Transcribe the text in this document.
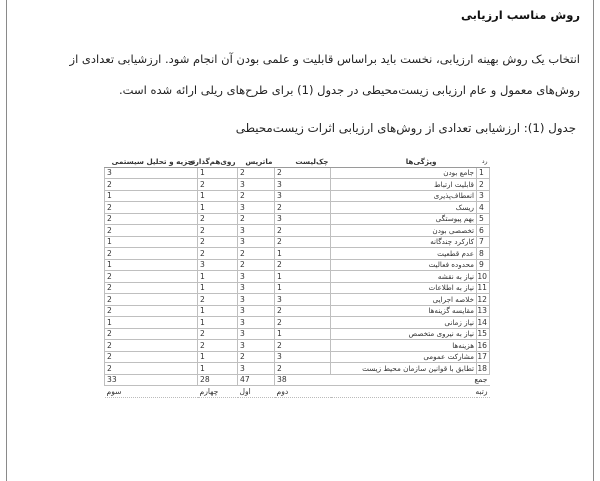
روش مناسب ارزیابی
انتخاب یک روش بهینه ارزیابی، نخست باید براساس قابلیت و علمی بودن آن انجام شود. ارزشیابی تعدادی از
روش‌های معمول و عام ارزیابی زیست‌محیطی در جدول (1) برای طرح‌های ریلی ارائه شده است.
جدول (1): ارزشیابی تعدادی از روش‌های ارزیابی اثرات زیست‌محیطی
رد	ویژگی‌ها	چک‌لیست	ماتریس	روی‌هم‌گذاری	تجزیه و تحلیل سیستمی
1	جامع بودن	2	2	1	3
2	قابلیت ارتباط	3	3	2	2
3	انعطاف‌پذیری	3	2	1	1
4	ریسک	2	3	1	2
5	بهم پیوستگی	3	2	2	2
6	تخصصی بودن	2	3	2	2
7	کارکرد چندگانه	2	3	2	1
8	عدم قطعیت	1	2	2	2
9	محدوده فعالیت	2	2	3	1
10	نیاز به نقشه	1	3	1	2
11	نیاز به اطلاعات	1	3	1	2
12	خلاصه اجرایی	3	3	2	2
13	مقایسه گزینه‌ها	2	3	1	2
14	نیاز زمانی	2	3	1	1
15	نیاز به نیروی متخصص	1	3	2	2
16	هزینه‌ها	2	3	2	2
17	مشارکت عمومی	3	2	1	2
18	تطابق با قوانین سازمان محیط زیست	2	3	1	2
جمع		38	47	28	33
رتبه		دوم	اول	چهارم	سوم
